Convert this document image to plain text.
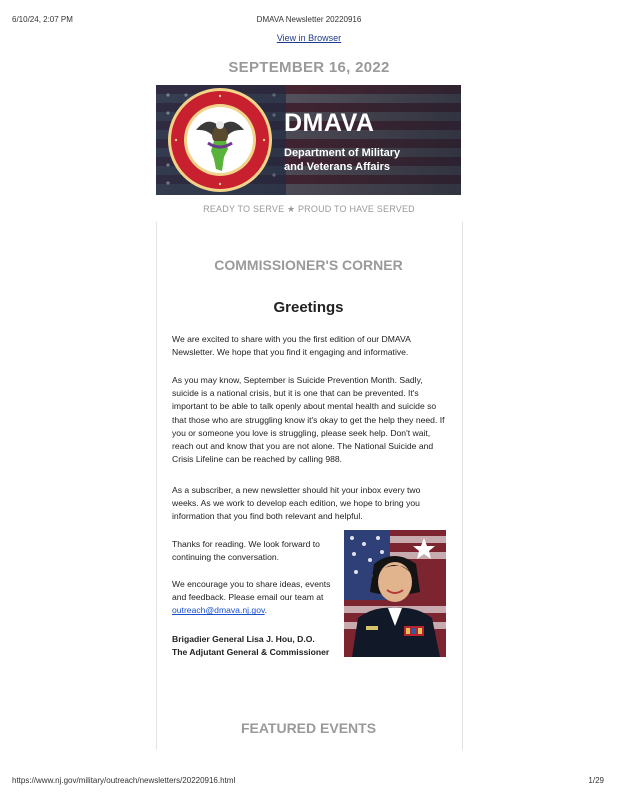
6/10/24, 2:07 PM	DMAVA Newsletter 20220916
View in Browser
SEPTEMBER 16, 2022
DMAVA
Department of Military
and Veterans Affairs
READY TO SERVE ★ PROUD TO HAVE SERVED
COMMISSIONER'S CORNER
Greetings

We are excited to share with you the first edition of our DMAVA Newsletter. We hope that you find it engaging and informative.

As you may know, September is Suicide Prevention Month. Sadly, suicide is a national crisis, but it is one that can be prevented. It's important to be able to talk openly about mental health and suicide so that those who are struggling know it's okay to get the help they need. If you or someone you love is struggling, please seek help. Don't wait, reach out and know that you are not alone. The National Suicide and Crisis Lifeline can be reached by calling 988.

As a subscriber, a new newsletter should hit your inbox every two weeks. As we work to develop each edition, we hope to bring you information that you find both relevant and helpful.

Thanks for reading. We look forward to continuing the conversation.
We encourage you to share ideas, events and feedback. Please email our team at outreach@dmava.nj.gov.
Brigadier General Lisa J. Hou, D.O.
The Adjutant General & Commissioner
FEATURED EVENTS
https://www.nj.gov/military/outreach/newsletters/20220916.html	1/29
